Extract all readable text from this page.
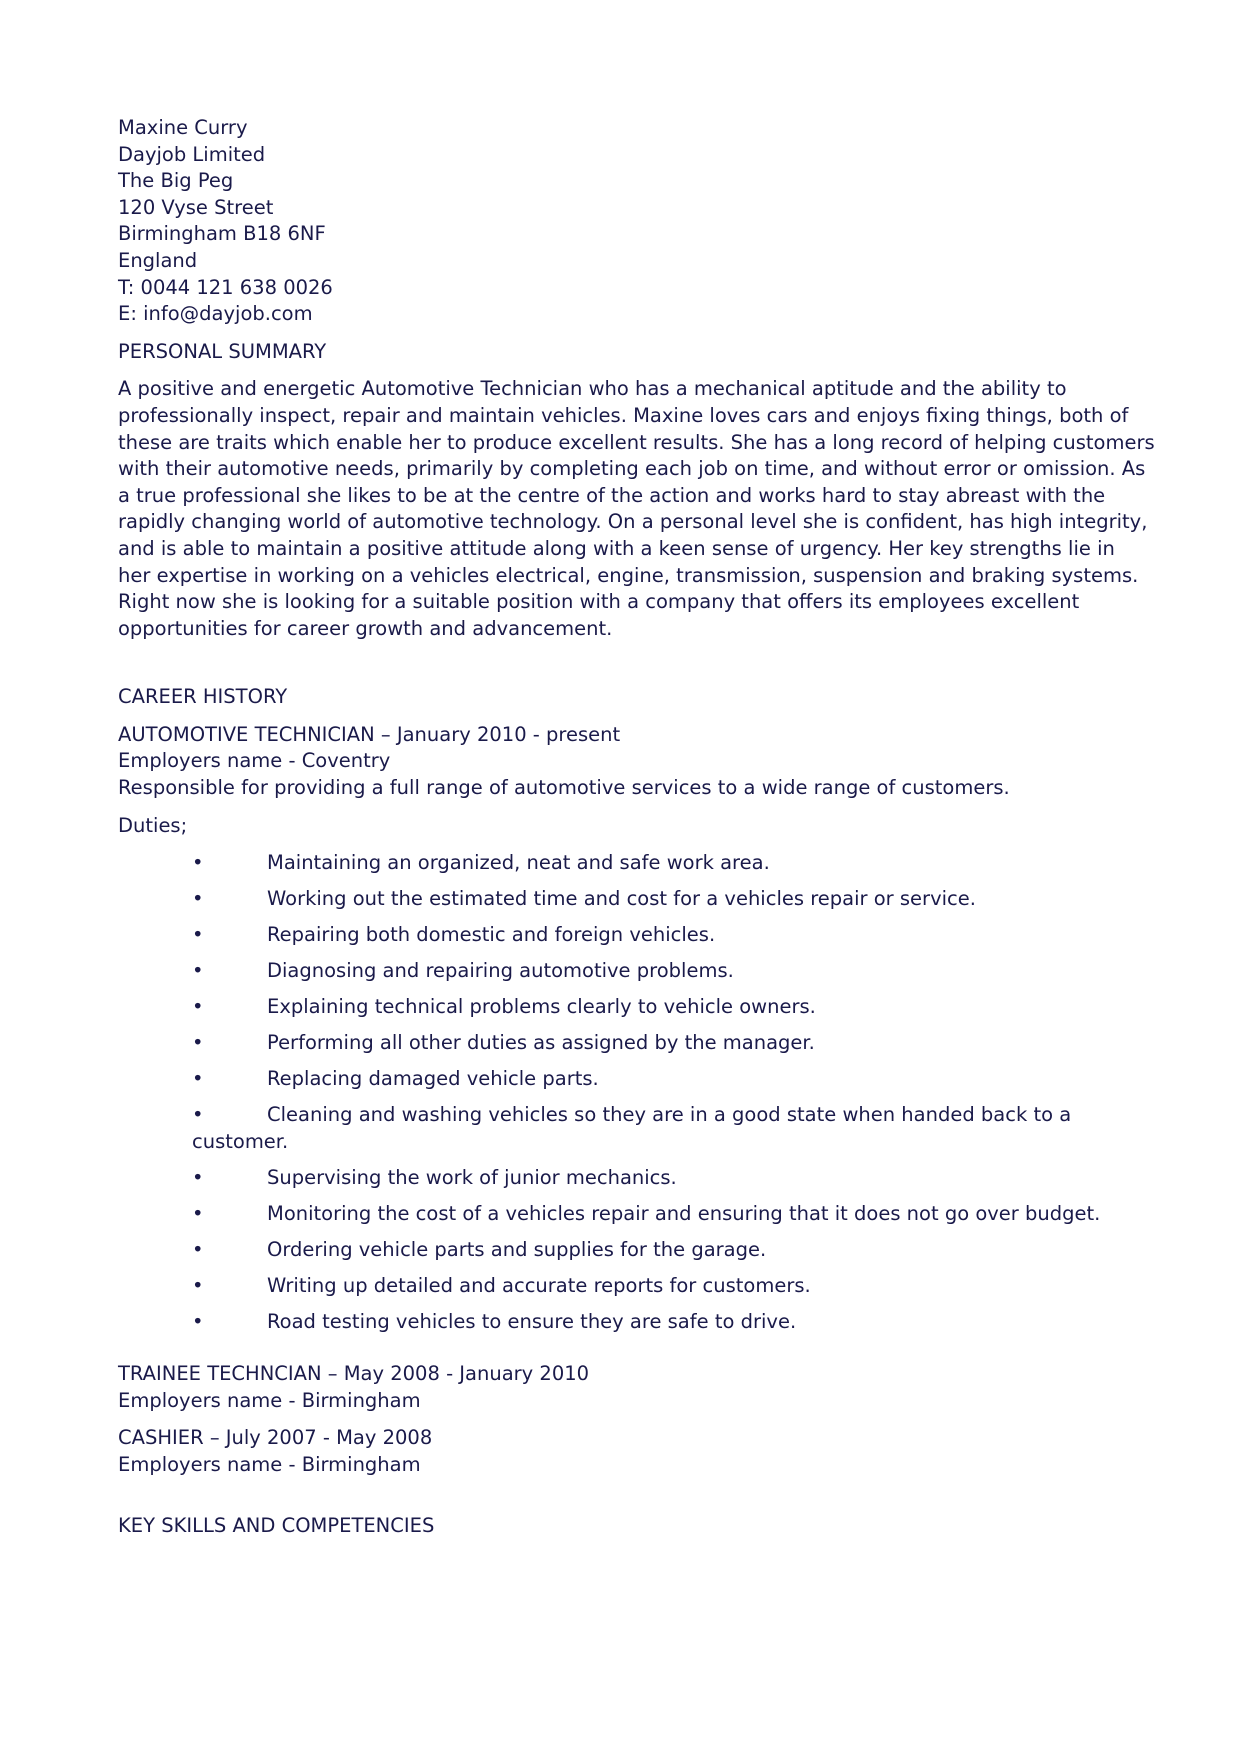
Maxine Curry
Dayjob Limited
The Big Peg
120 Vyse Street
Birmingham B18 6NF
England
T: 0044 121 638 0026
E: info@dayjob.com
PERSONAL SUMMARY
A positive and energetic Automotive Technician who has a mechanical aptitude and the ability to
professionally inspect, repair and maintain vehicles. Maxine loves cars and enjoys fixing things, both of
these are traits which enable her to produce excellent results. She has a long record of helping customers
with their automotive needs, primarily by completing each job on time, and without error or omission. As
a true professional she likes to be at the centre of the action and works hard to stay abreast with the
rapidly changing world of automotive technology. On a personal level she is confident, has high integrity,
and is able to maintain a positive attitude along with a keen sense of urgency. Her key strengths lie in
her expertise in working on a vehicles electrical, engine, transmission, suspension and braking systems.
Right now she is looking for a suitable position with a company that offers its employees excellent
opportunities for career growth and advancement.
CAREER HISTORY
AUTOMOTIVE TECHNICIAN – January 2010 - present
Employers name - Coventry
Responsible for providing a full range of automotive services to a wide range of customers.
Duties;
•	Maintaining an organized, neat and safe work area.
•	Working out the estimated time and cost for a vehicles repair or service.
•	Repairing both domestic and foreign vehicles.
•	Diagnosing and repairing automotive problems.
•	Explaining technical problems clearly to vehicle owners.
•	Performing all other duties as assigned by the manager.
•	Replacing damaged vehicle parts.
•	Cleaning and washing vehicles so they are in a good state when handed back to a
customer.
•	Supervising the work of junior mechanics.
•	Monitoring the cost of a vehicles repair and ensuring that it does not go over budget.
•	Ordering vehicle parts and supplies for the garage.
•	Writing up detailed and accurate reports for customers.
•	Road testing vehicles to ensure they are safe to drive.
TRAINEE TECHNCIAN – May 2008 - January 2010
Employers name - Birmingham
CASHIER – July 2007 - May 2008
Employers name - Birmingham
KEY SKILLS AND COMPETENCIES
